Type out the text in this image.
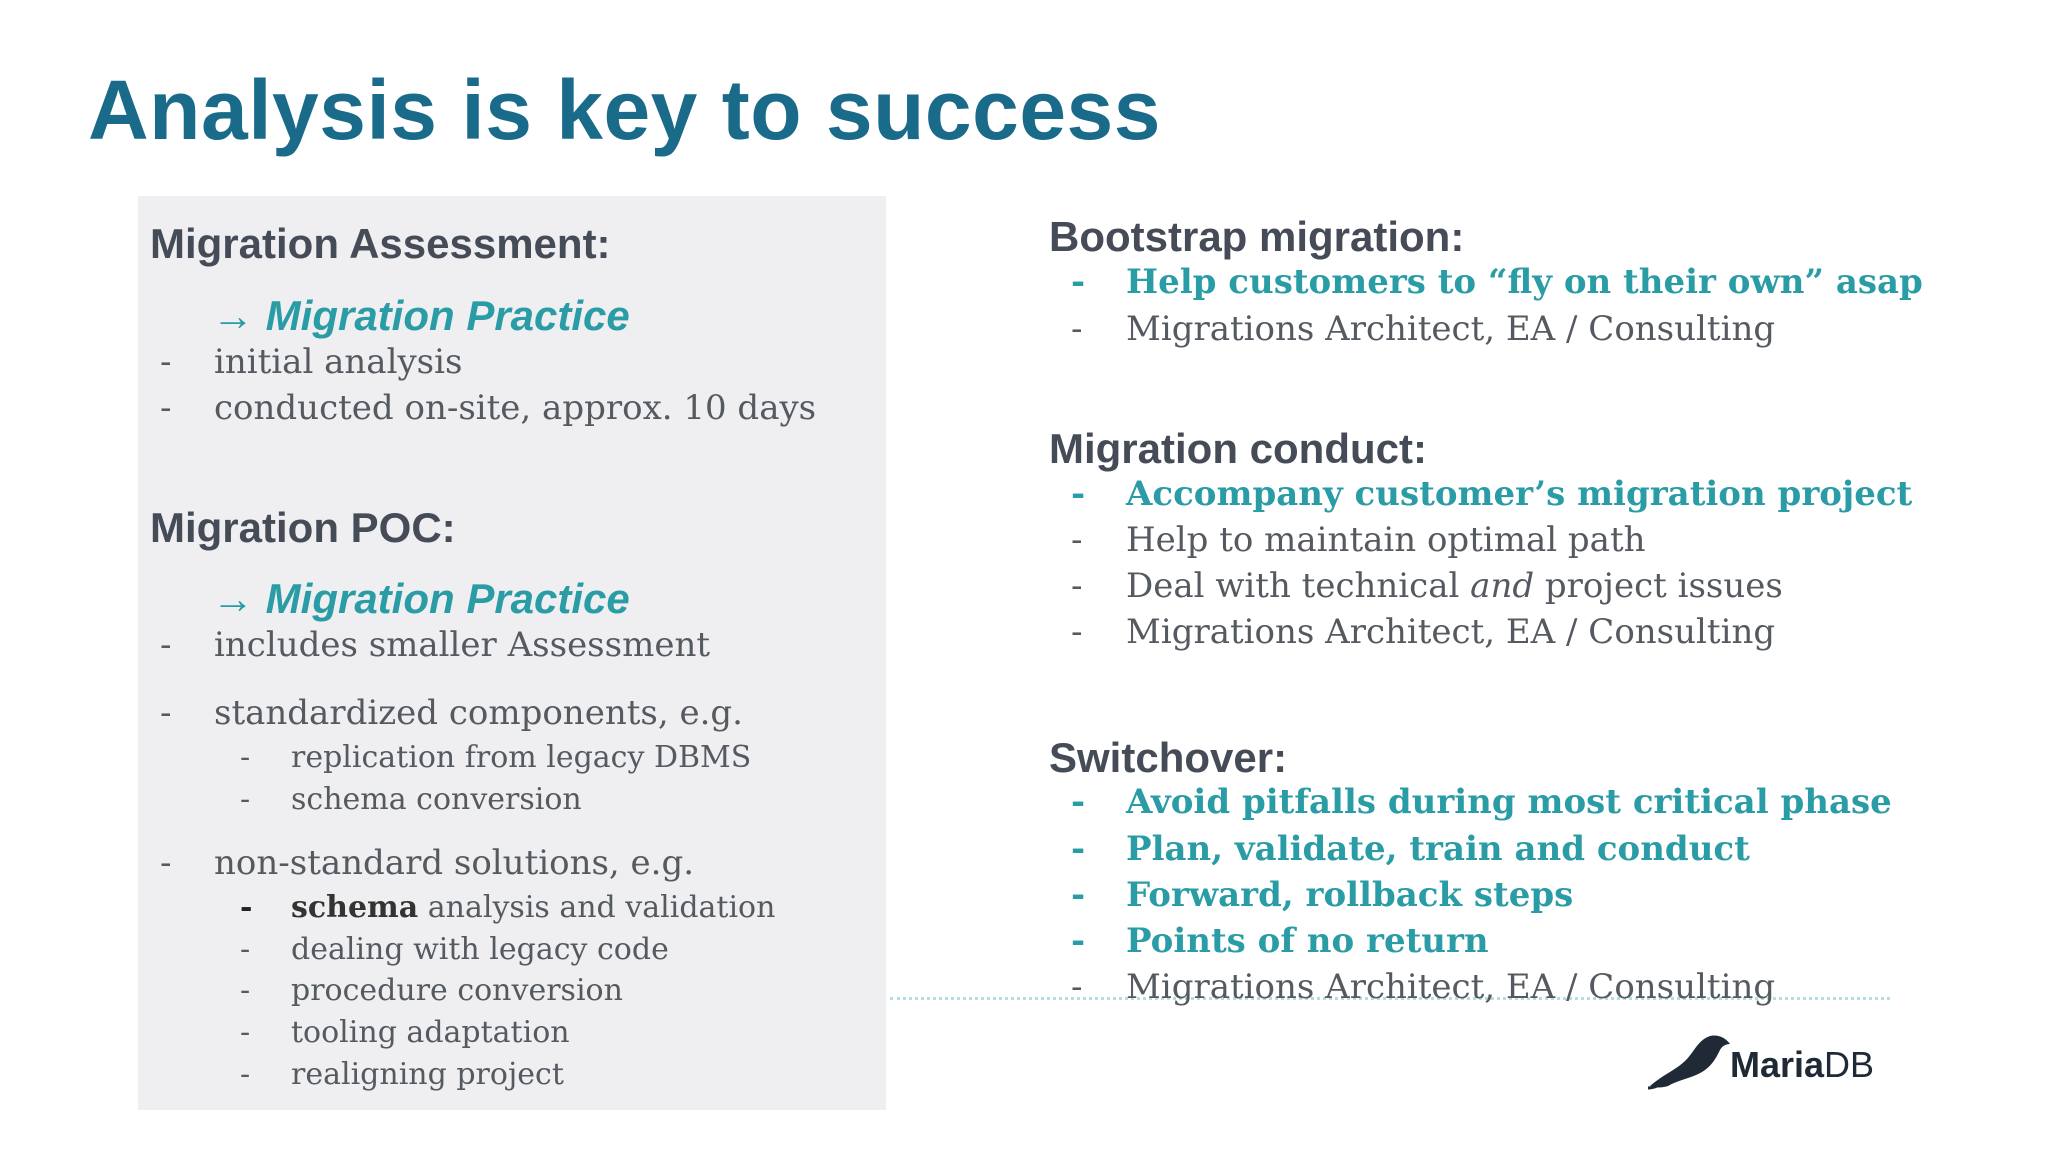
Analysis is key to success
Migration Assessment:
→ Migration Practice
- initial analysis
- conducted on-site, approx. 10 days
Migration POC:
→ Migration Practice
- includes smaller Assessment
- standardized components, e.g.
- replication from legacy DBMS
- schema conversion
- non-standard solutions, e.g.
- schema analysis and validation
- dealing with legacy code
- procedure conversion
- tooling adaptation
- realigning project
Bootstrap migration:
- Help customers to “fly on their own” asap
- Migrations Architect, EA / Consulting
Migration conduct:
- Accompany customer’s migration project
- Help to maintain optimal path
- Deal with technical and project issues
- Migrations Architect, EA / Consulting
Switchover:
- Avoid pitfalls during most critical phase
- Plan, validate, train and conduct
- Forward, rollback steps
- Points of no return
- Migrations Architect, EA / Consulting
MariaDB
